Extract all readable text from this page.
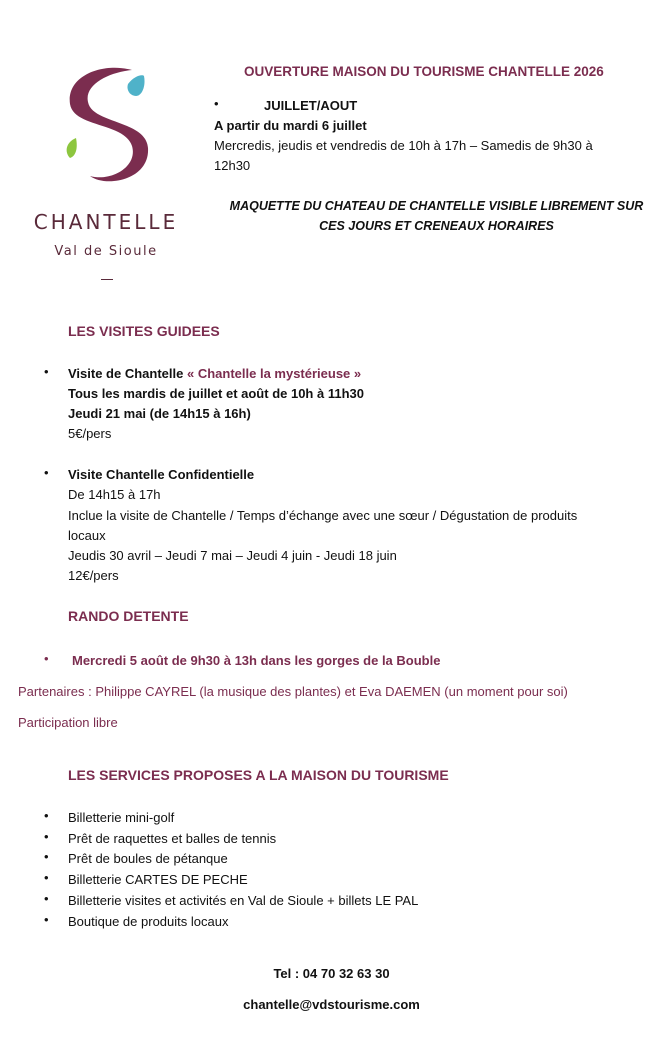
CHANTELLE
Val de Sioule
OUVERTURE MAISON DU TOURISME CHANTELLE 2026
•	JUILLET/AOUT
A partir du mardi 6 juillet
Mercredis, jeudis et vendredis de 10h à 17h – Samedis de 9h30 à
12h30
MAQUETTE DU CHATEAU DE CHANTELLE VISIBLE LIBREMENT SUR
CES JOURS ET CRENEAUX HORAIRES
LES VISITES GUIDEES
• Visite de Chantelle « Chantelle la mystérieuse »
Tous les mardis de juillet et août de 10h à 11h30
Jeudi 21 mai (de 14h15 à 16h)
5€/pers
• Visite Chantelle Confidentielle
De 14h15 à 17h
Inclue la visite de Chantelle / Temps d’échange avec une sœur / Dégustation de produits
locaux
Jeudis 30 avril – Jeudi 7 mai – Jeudi 4 juin - Jeudi 18 juin
12€/pers
RANDO DETENTE
• Mercredi 5 août de 9h30 à 13h dans les gorges de la Bouble
Partenaires : Philippe CAYREL (la musique des plantes) et Eva DAEMEN (un moment pour soi)
Participation libre
LES SERVICES PROPOSES A LA MAISON DU TOURISME
• Billetterie mini-golf
• Prêt de raquettes et balles de tennis
• Prêt de boules de pétanque
• Billetterie CARTES DE PECHE
• Billetterie visites et activités en Val de Sioule + billets LE PAL
• Boutique de produits locaux
Tel : 04 70 32 63 30
chantelle@vdstourisme.com
